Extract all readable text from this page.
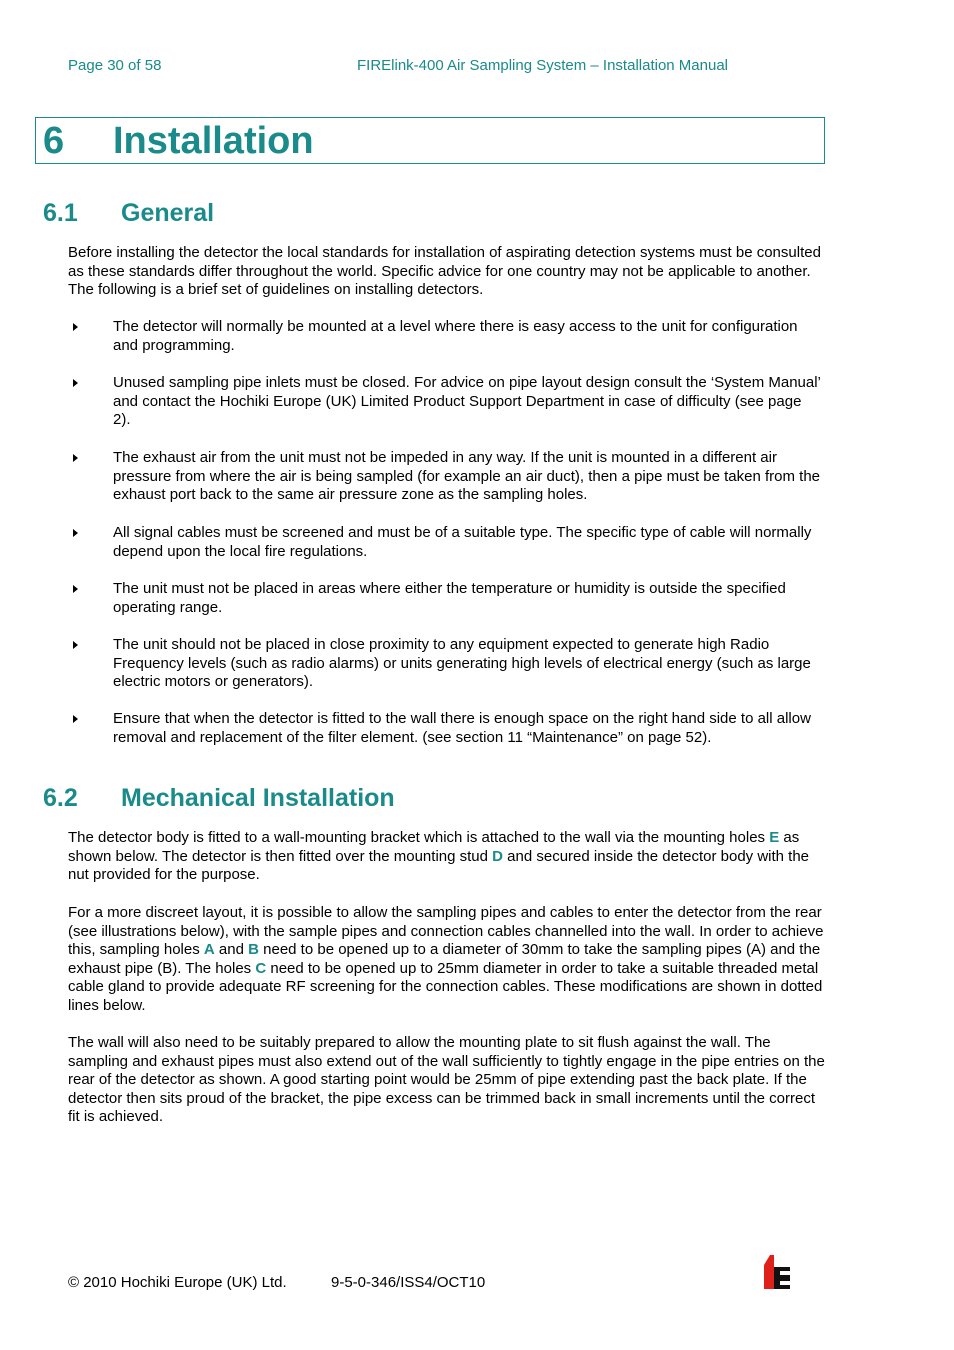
Page 30 of 58	FIRElink-400 Air Sampling System – Installation Manual
6 Installation
6.1 General
Before installing the detector the local standards for installation of aspirating detection systems must be consulted as these standards differ throughout the world. Specific advice for one country may not be applicable to another. The following is a brief set of guidelines on installing detectors.
The detector will normally be mounted at a level where there is easy access to the unit for configuration and programming.
Unused sampling pipe inlets must be closed. For advice on pipe layout design consult the ‘System Manual’ and contact the Hochiki Europe (UK) Limited Product Support Department in case of difficulty (see page 2).
The exhaust air from the unit must not be impeded in any way. If the unit is mounted in a different air pressure from where the air is being sampled (for example an air duct), then a pipe must be taken from the exhaust port back to the same air pressure zone as the sampling holes.
All signal cables must be screened and must be of a suitable type. The specific type of cable will normally depend upon the local fire regulations.
The unit must not be placed in areas where either the temperature or humidity is outside the specified operating range.
The unit should not be placed in close proximity to any equipment expected to generate high Radio Frequency levels (such as radio alarms) or units generating high levels of electrical energy (such as large electric motors or generators).
Ensure that when the detector is fitted to the wall there is enough space on the right hand side to all allow removal and replacement of the filter element. (see section 11 “Maintenance” on page 52).
6.2 Mechanical Installation
The detector body is fitted to a wall-mounting bracket which is attached to the wall via the mounting holes E as shown below. The detector is then fitted over the mounting stud D and secured inside the detector body with the nut provided for the purpose.
For a more discreet layout, it is possible to allow the sampling pipes and cables to enter the detector from the rear (see illustrations below), with the sample pipes and connection cables channelled into the wall. In order to achieve this, sampling holes A and B need to be opened up to a diameter of 30mm to take the sampling pipes (A) and the exhaust pipe (B). The holes C need to be opened up to 25mm diameter in order to take a suitable threaded metal cable gland to provide adequate RF screening for the connection cables. These modifications are shown in dotted lines below.
The wall will also need to be suitably prepared to allow the mounting plate to sit flush against the wall. The sampling and exhaust pipes must also extend out of the wall sufficiently to tightly engage in the pipe entries on the rear of the detector as shown. A good starting point would be 25mm of pipe extending past the back plate. If the detector then sits proud of the bracket, the pipe excess can be trimmed back in small increments until the correct fit is achieved.
© 2010 Hochiki Europe (UK) Ltd.	9-5-0-346/ISS4/OCT10
